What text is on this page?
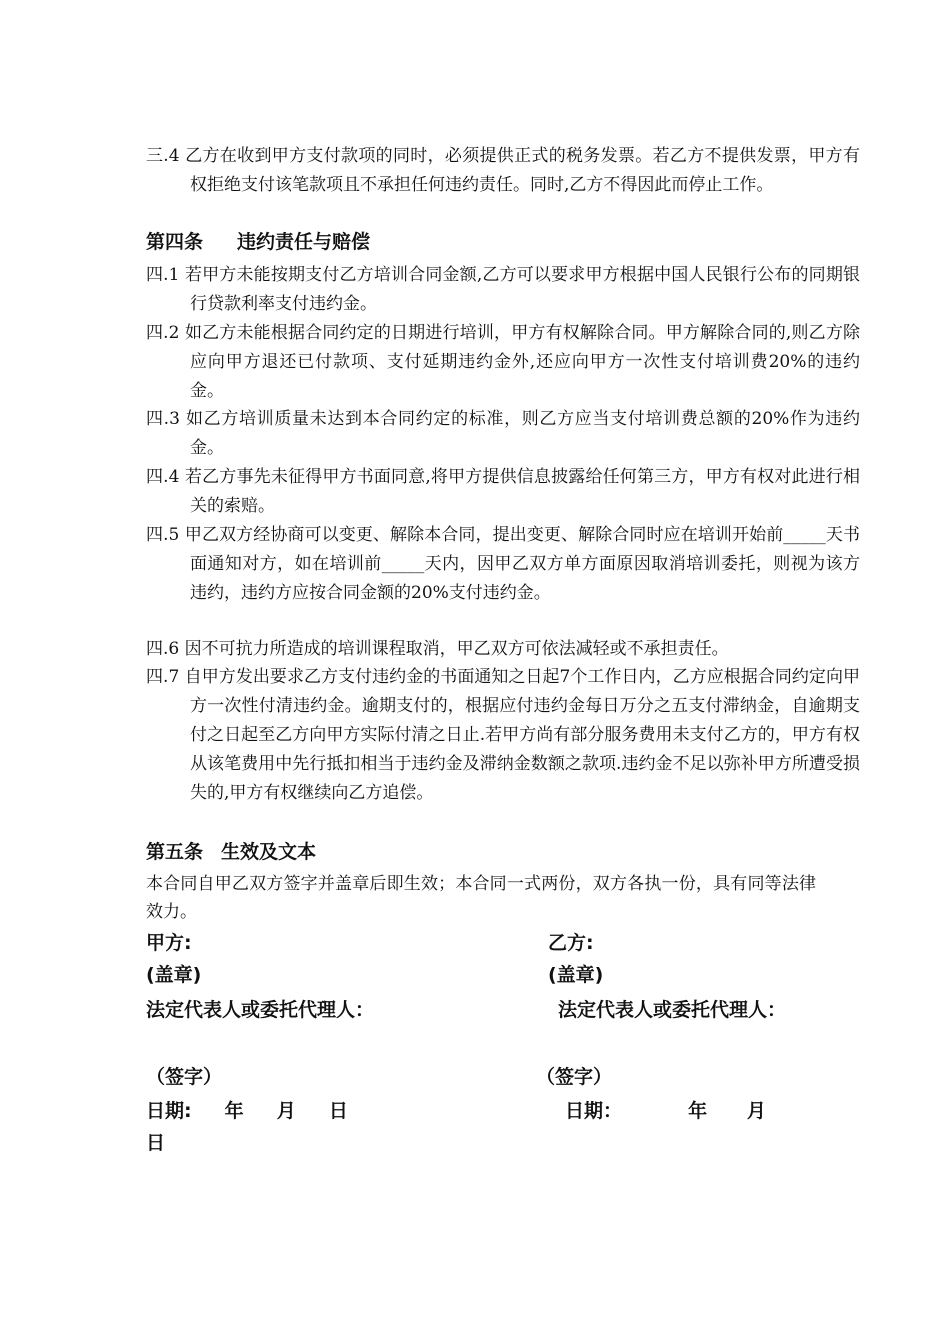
三.4 乙方在收到甲方支付款项的同时，必须提供正式的税务发票。若乙方不提供发票，甲方有权拒绝支付该笔款项且不承担任何违约责任。同时,乙方不得因此而停止工作。
第四条 违约责任与赔偿
四.1 若甲方未能按期支付乙方培训合同金额,乙方可以要求甲方根据中国人民银行公布的同期银行贷款利率支付违约金。
四.2 如乙方未能根据合同约定的日期进行培训，甲方有权解除合同。甲方解除合同的,则乙方除应向甲方退还已付款项、支付延期违约金外,还应向甲方一次性支付培训费20%的违约金。
四.3 如乙方培训质量未达到本合同约定的标准，则乙方应当支付培训费总额的20%作为违约金。
四.4 若乙方事先未征得甲方书面同意,将甲方提供信息披露给任何第三方，甲方有权对此进行相关的索赔。
四.5 甲乙双方经协商可以变更、解除本合同，提出变更、解除合同时应在培训开始前_____天书面通知对方，如在培训前_____天内，因甲乙双方单方面原因取消培训委托，则视为该方违约，违约方应按合同金额的20%支付违约金。
四.6 因不可抗力所造成的培训课程取消，甲乙双方可依法减轻或不承担责任。
四.7 自甲方发出要求乙方支付违约金的书面通知之日起7个工作日内，乙方应根据合同约定向甲方一次性付清违约金。逾期支付的，根据应付违约金每日万分之五支付滞纳金，自逾期支付之日起至乙方向甲方实际付清之日止.若甲方尚有部分服务费用未支付乙方的，甲方有权从该笔费用中先行抵扣相当于违约金及滞纳金数额之款项.违约金不足以弥补甲方所遭受损失的,甲方有权继续向乙方追偿。
第五条 生效及文本
本合同自甲乙双方签字并盖章后即生效；本合同一式两份，双方各执一份，具有同等法律效力。
甲方:	乙方:
(盖章)	(盖章)
法定代表人或委托代理人：	法定代表人或委托代理人：
（签字）	（签字）
日期:     年     月     日	日期：          年      月
日
